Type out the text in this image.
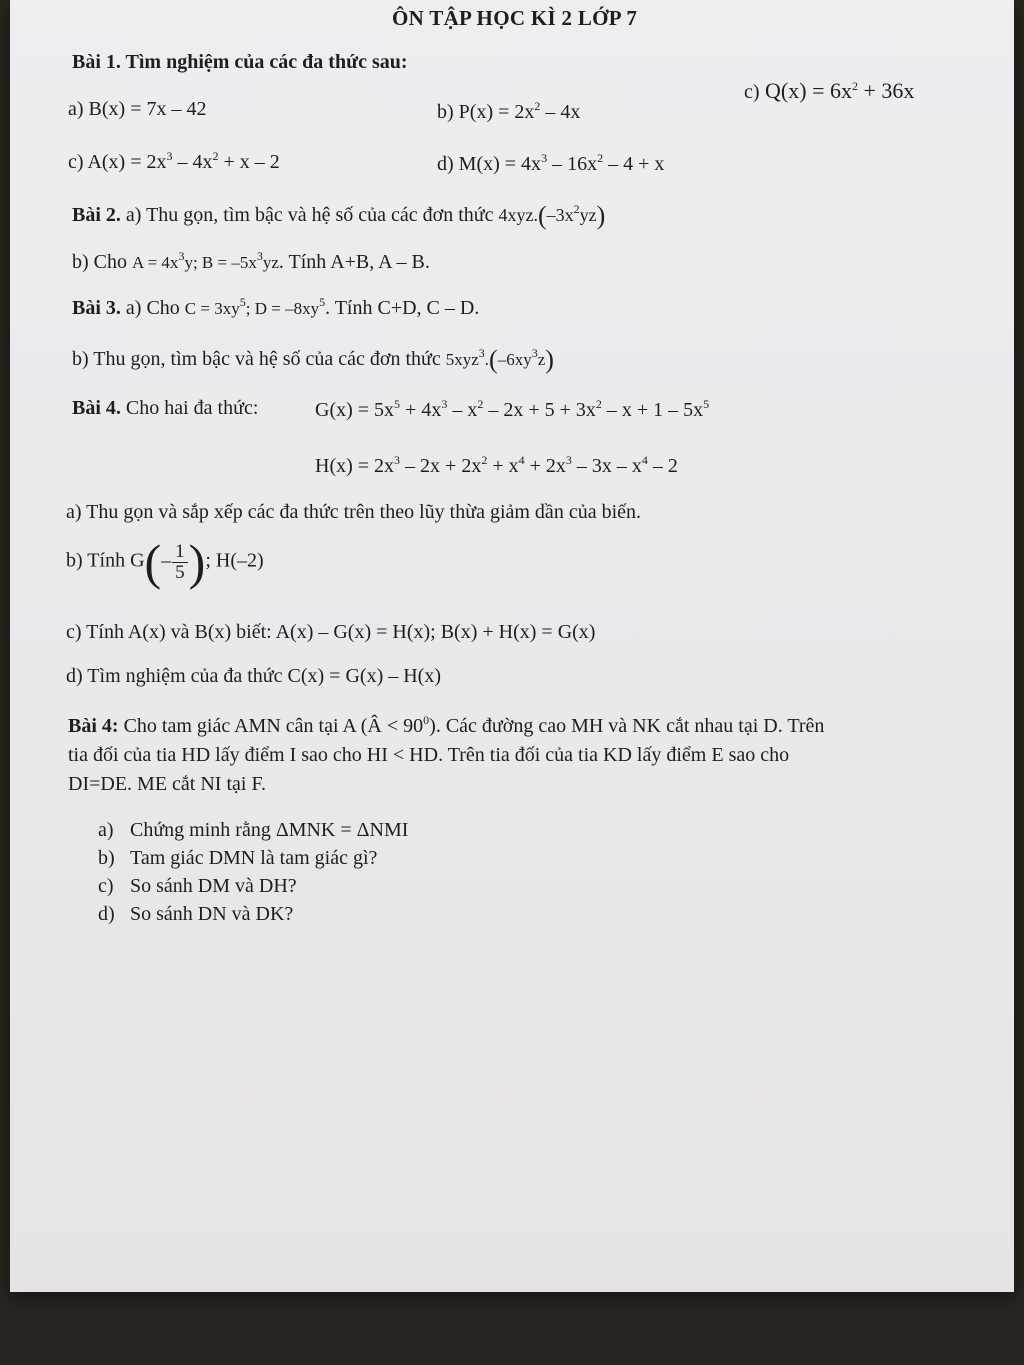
ÔN TẬP HỌC KÌ 2 LỚP 7
Bài 1. Tìm nghiệm của các đa thức sau:
a) B(x) = 7x – 42	b) $P(x) = 2x^2 - 4x$
c) $Q(x) = 6x^2 + 36x$
c) $A(x) = 2x^3 - 4x^2 + x - 2$	d) $M(x) = 4x^3 - 16x^2 - 4 + x$
Bài 2. a) Thu gọn, tìm bậc và hệ số của các đơn thức $4xyz.(-3x^2yz)$
b) Cho $A = 4x^3y$; $B = -5x^3yz$. Tính A+B, A – B.
Bài 3. a) Cho $C = 3xy^5$; $D = -8xy^5$. Tính C+D, C – D.
b) Thu gọn, tìm bậc và hệ số của các đơn thức $5xyz^3.(-6xy^3z)$
Bài 4. Cho hai đa thức:	$G(x) = 5x^5 + 4x^3 - x^2 - 2x + 5 + 3x^2 - x + 1 - 5x^5$
$H(x) = 2x^3 - 2x + 2x^2 + x^4 + 2x^3 - 3x - x^4 - 2$
a) Thu gọn và sắp xếp các đa thức trên theo lũy thừa giảm dần của biến.
b) Tính $G(- \frac{1}{5}$ ); H(–2)
c) Tính A(x) và B(x) biết: A(x) – G(x) = H(x); B(x) + H(x) = G(x)
d) Tìm nghiệm của đa thức C(x) = G(x) – H(x)
Bài 4: Cho tam giác AMN cân tại A (Â < $90^0$). Các đường cao MH và NK cắt nhau tại D. Trên
tia đối của tia HD lấy điểm I sao cho HI < HD. Trên tia đối của tia KD lấy điểm E sao cho
DI=DE. ME cắt NI tại F.
a) Chứng minh rằng ΔMNK = ΔNMI
b) Tam giác DMN là tam giác gì?
c) So sánh DM và DH?
d) So sánh DN và DK?
